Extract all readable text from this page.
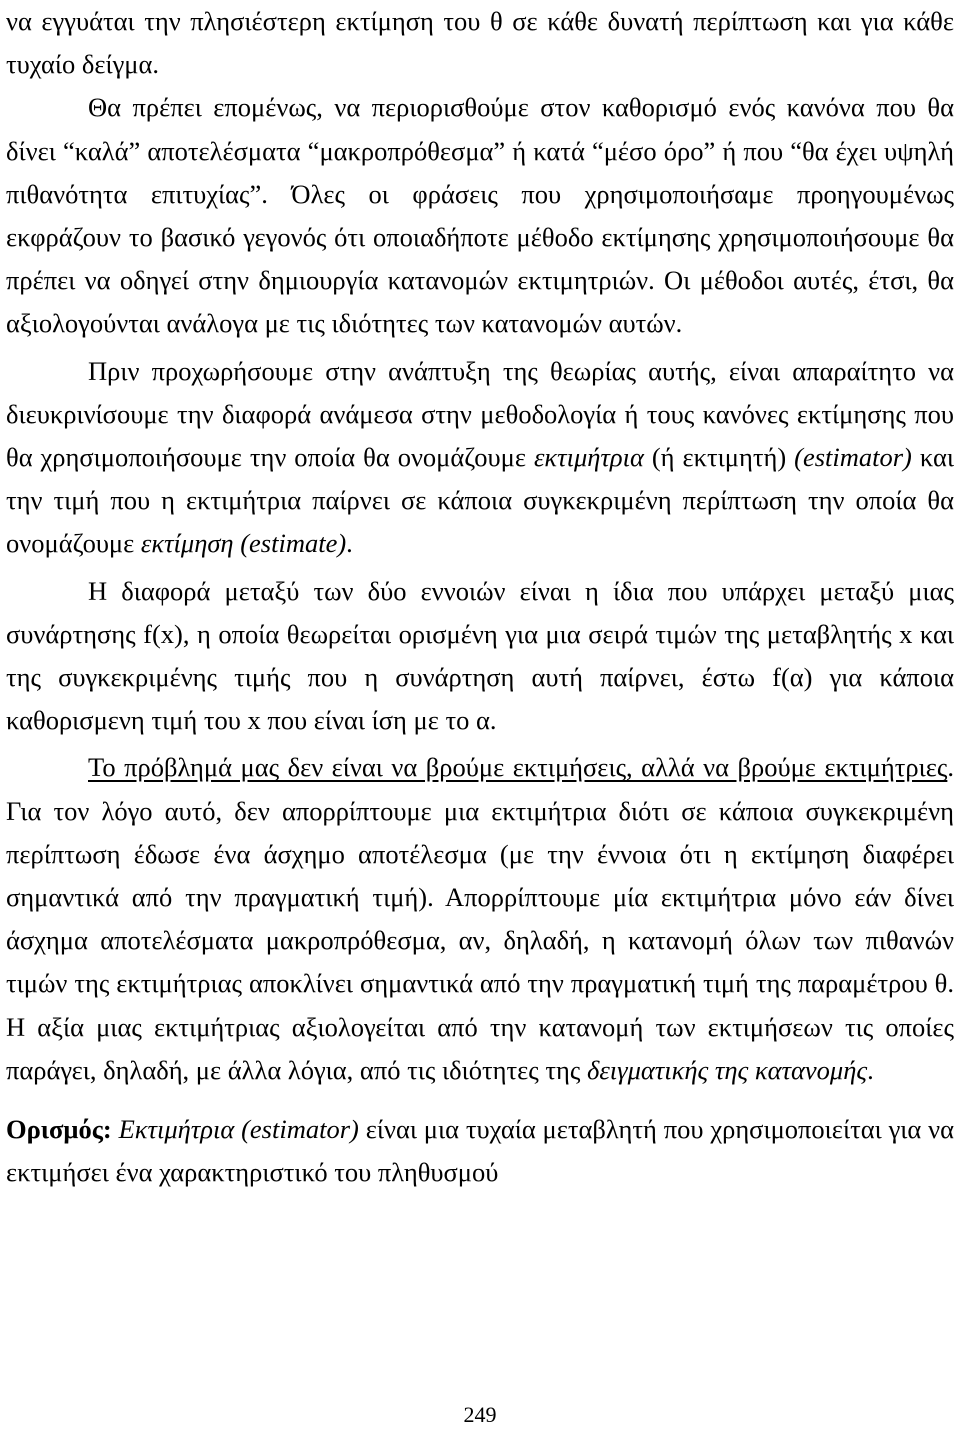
να εγγυάται την πλησιέστερη εκτίμηση του θ σε κάθε δυνατή περίπτωση και για κάθε τυχαίο δείγμα.

Θα πρέπει επομένως, να περιορισθούμε στον καθορισμό ενός κανόνα που θα δίνει “καλά” αποτελέσματα “μακροπρόθεσμα” ή κατά “μέσο όρο” ή που “θα έχει υψηλή πιθανότητα επιτυχίας”. Όλες οι φράσεις που χρησιμοποιήσαμε προηγουμένως εκφράζουν το βασικό γεγονός ότι οποιαδήποτε μέθοδο εκτίμησης χρησιμοποιήσουμε θα πρέπει να οδηγεί στην δημιουργία κατανομών εκτιμητριών. Οι μέθοδοι αυτές, έτσι, θα αξιολογούνται ανάλογα με τις ιδιότητες των κατανομών αυτών.

Πριν προχωρήσουμε στην ανάπτυξη της θεωρίας αυτής, είναι απαραίτητο να διευκρινίσουμε την διαφορά ανάμεσα στην μεθοδολογία ή τους κανόνες εκτίμησης που θα χρησιμοποιήσουμε την οποία θα ονομάζουμε εκτιμήτρια (ή εκτιμητή) (estimator) και την τιμή που η εκτιμήτρια παίρνει σε κάποια συγκεκριμένη περίπτωση την οποία θα ονομάζουμε εκτίμηση (estimate).

Η διαφορά μεταξύ των δύο εννοιών είναι η ίδια που υπάρχει μεταξύ μιας συνάρτησης f(x), η οποία θεωρείται ορισμένη για μια σειρά τιμών της μεταβλητής x και της συγκεκριμένης τιμής που η συνάρτηση αυτή παίρνει, έστω f(α) για κάποια καθορισμενη τιμή του x που είναι ίση με το α.

Το πρόβλημά μας δεν είναι να βρούμε εκτιμήσεις, αλλά να βρούμε εκτιμήτριες. Για τον λόγο αυτό, δεν απορρίπτουμε μια εκτιμήτρια διότι σε κάποια συγκεκριμένη περίπτωση έδωσε ένα άσχημο αποτέλεσμα (με την έννοια ότι η εκτίμηση διαφέρει σημαντικά από την πραγματική τιμή). Απορρίπτουμε μία εκτιμήτρια μόνο εάν δίνει άσχημα αποτελέσματα μακροπρόθεσμα, αν, δηλαδή, η κατανομή όλων των πιθανών τιμών της εκτιμήτριας αποκλίνει σημαντικά από την πραγματική τιμή της παραμέτρου θ. Η αξία μιας εκτιμήτριας αξιολογείται από την κατανομή των εκτιμήσεων τις οποίες παράγει, δηλαδή, με άλλα λόγια, από τις ιδιότητες της δειγματικής της κατανομής.

Ορισμός: Εκτιμήτρια (estimator) είναι μια τυχαία μεταβλητή που χρησιμοποιείται για να εκτιμήσει ένα χαρακτηριστικό του πληθυσμού

249
